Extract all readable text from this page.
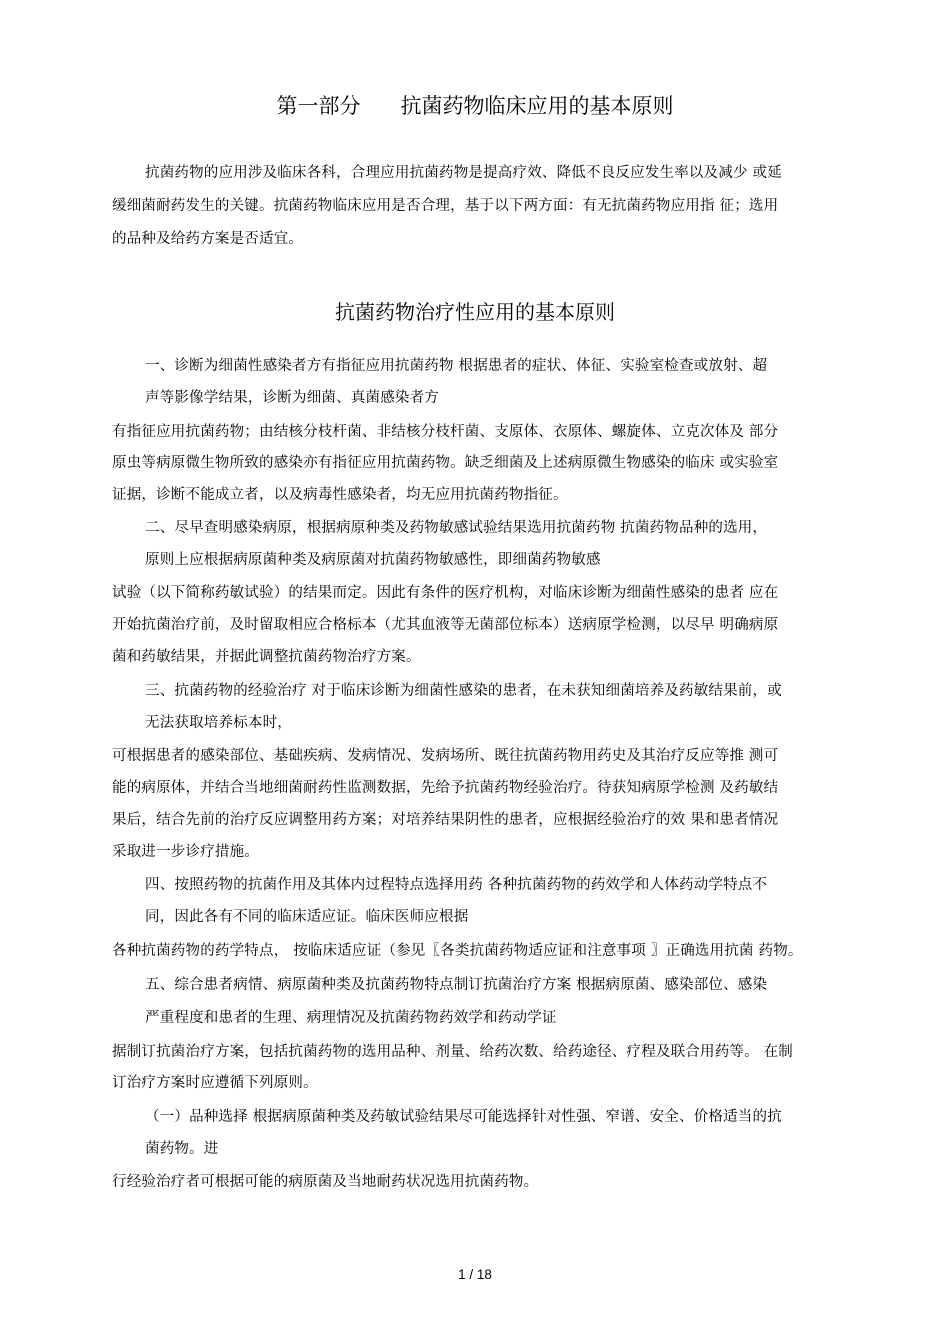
第一部分      抗菌药物临床应用的基本原则
抗菌药物的应用涉及临床各科，合理应用抗菌药物是提高疗效、降低不良反应发生率以及减少 或延
缓细菌耐药发生的关键。抗菌药物临床应用是否合理，基于以下两方面：有无抗菌药物应用指 征；选用
的品种及给药方案是否适宜。
抗菌药物治疗性应用的基本原则
一、诊断为细菌性感染者方有指征应用抗菌药物 根据患者的症状、体征、实验室检查或放射、超
声等影像学结果，诊断为细菌、真菌感染者方
有指征应用抗菌药物；由结核分枝杆菌、非结核分枝杆菌、支原体、衣原体、螺旋体、立克次体及 部分
原虫等病原微生物所致的感染亦有指征应用抗菌药物。缺乏细菌及上述病原微生物感染的临床 或实验室
证据，诊断不能成立者，以及病毒性感染者，均无应用抗菌药物指征。
二、尽早查明感染病原，根据病原种类及药物敏感试验结果选用抗菌药物 抗菌药物品种的选用，
原则上应根据病原菌种类及病原菌对抗菌药物敏感性，即细菌药物敏感
试验（以下简称药敏试验）的结果而定。因此有条件的医疗机构，对临床诊断为细菌性感染的患者 应在
开始抗菌治疗前，及时留取相应合格标本（尤其血液等无菌部位标本）送病原学检测，以尽早 明确病原
菌和药敏结果，并据此调整抗菌药物治疗方案。
三、抗菌药物的经验治疗 对于临床诊断为细菌性感染的患者，在未获知细菌培养及药敏结果前，或
无法获取培养标本时，
可根据患者的感染部位、基础疾病、发病情况、发病场所、既往抗菌药物用药史及其治疗反应等推 测可
能的病原体，并结合当地细菌耐药性监测数据，先给予抗菌药物经验治疗。待获知病原学检测 及药敏结
果后，结合先前的治疗反应调整用药方案；对培养结果阴性的患者，应根据经验治疗的效 果和患者情况
采取进一步诊疗措施。
四、按照药物的抗菌作用及其体内过程特点选择用药 各种抗菌药物的药效学和人体药动学特点不
同，因此各有不同的临床适应证。临床医师应根据
各种抗菌药物的药学特点， 按临床适应证（参见〖各类抗菌药物适应证和注意事项 〗正确选用抗菌 药物。
五、综合患者病情、病原菌种类及抗菌药物特点制订抗菌治疗方案 根据病原菌、感染部位、感染
严重程度和患者的生理、病理情况及抗菌药物药效学和药动学证
据制订抗菌治疗方案，包括抗菌药物的选用品种、剂量、给药次数、给药途径、疗程及联合用药等。 在制
订治疗方案时应遵循下列原则。
（一）品种选择 根据病原菌种类及药敏试验结果尽可能选择针对性强、窄谱、安全、价格适当的抗
菌药物。进
行经验治疗者可根据可能的病原菌及当地耐药状况选用抗菌药物。
1 / 18
